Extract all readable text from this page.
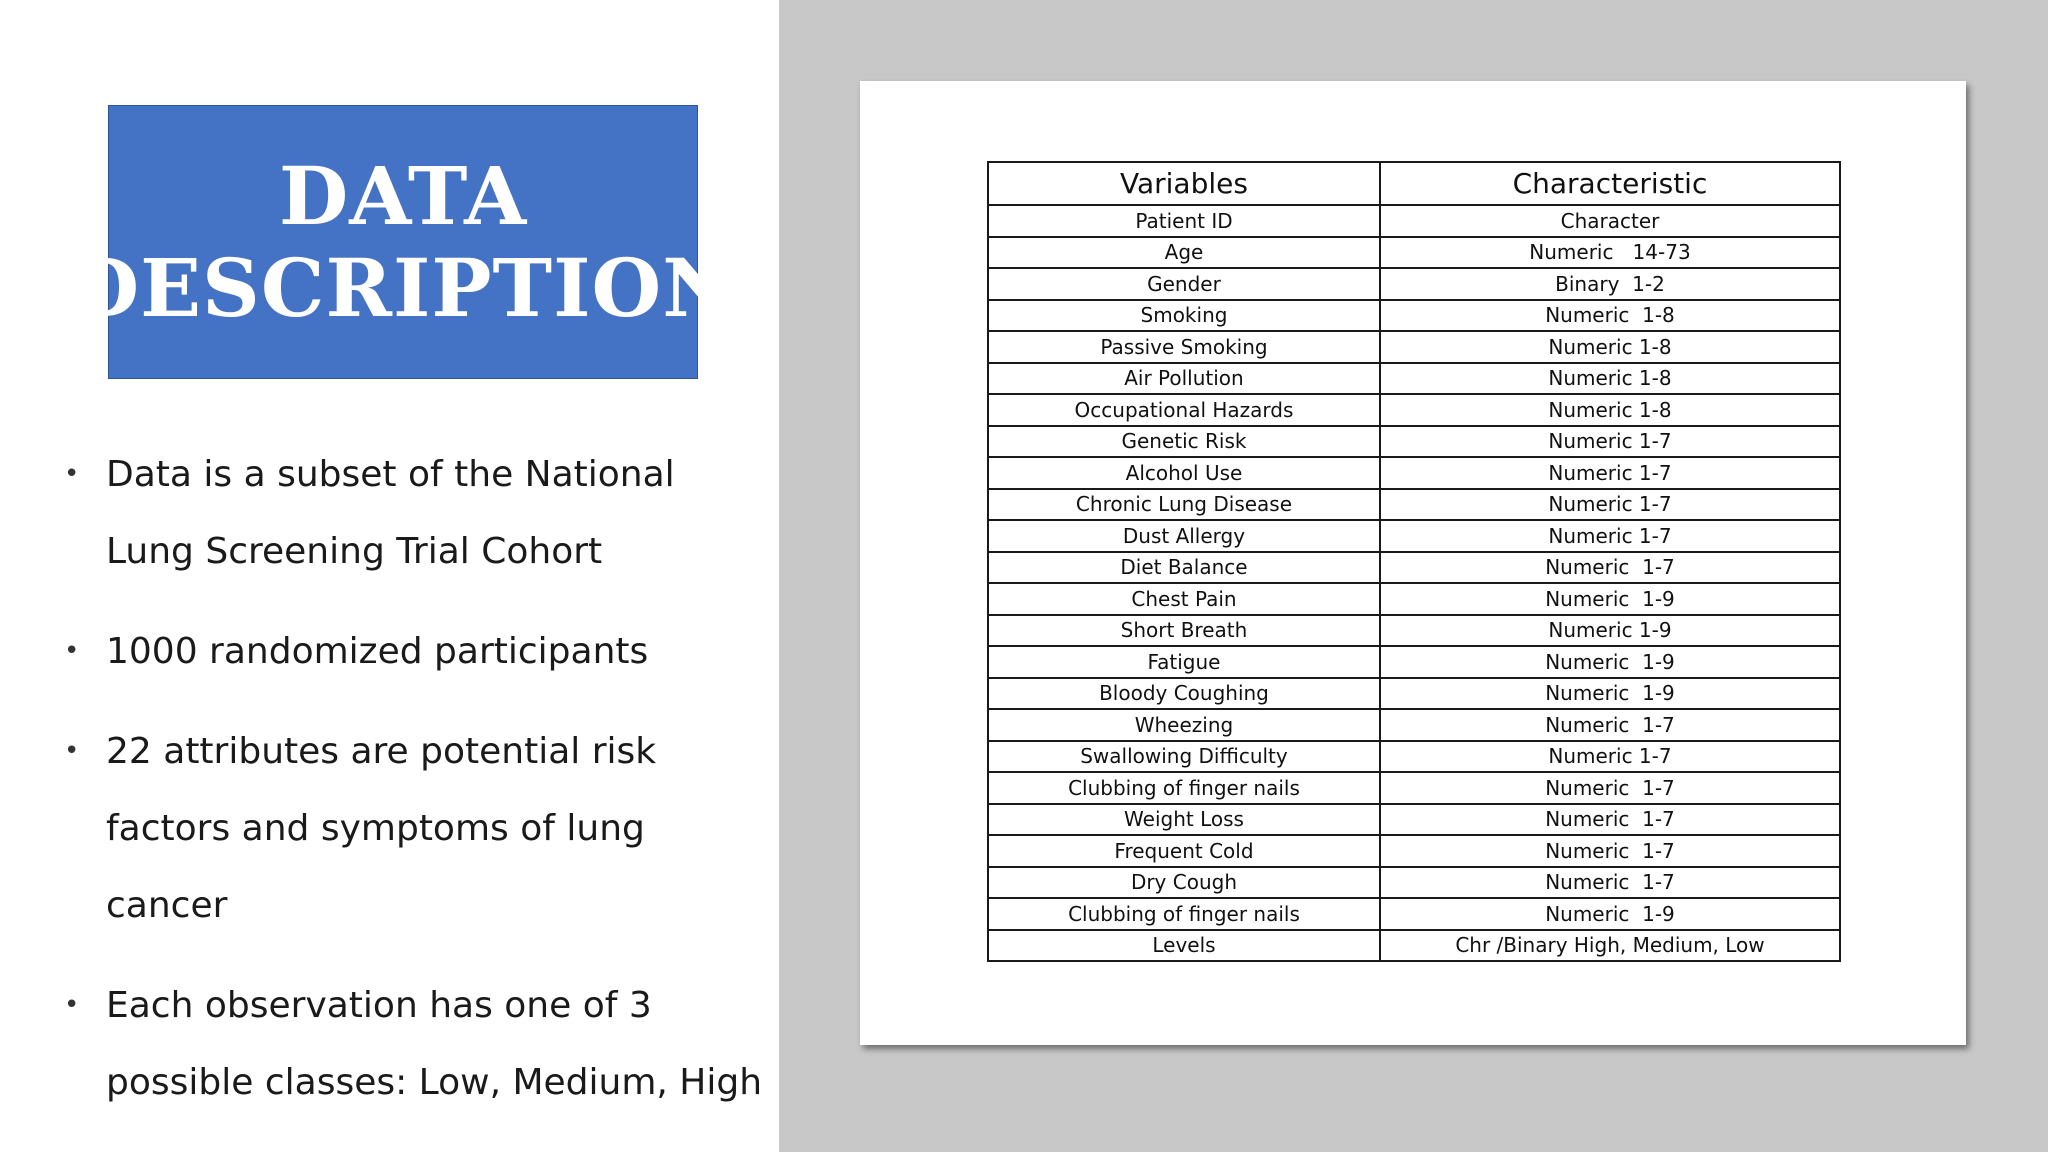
DATA
DESCRIPTION
• Data is a subset of the National Lung Screening Trial Cohort
• 1000 randomized participants
• 22 attributes are potential risk factors and symptoms of lung cancer
• Each observation has one of 3 possible classes: Low, Medium, High
Variables	Characteristic
Patient ID	Character
Age	Numeric   14-73
Gender	Binary  1-2
Smoking	Numeric  1-8
Passive Smoking	Numeric 1-8
Air Pollution	Numeric 1-8
Occupational Hazards	Numeric 1-8
Genetic Risk	Numeric 1-7
Alcohol Use	Numeric 1-7
Chronic Lung Disease	Numeric 1-7
Dust Allergy	Numeric 1-7
Diet Balance	Numeric  1-7
Chest Pain	Numeric  1-9
Short Breath	Numeric 1-9
Fatigue	Numeric  1-9
Bloody Coughing	Numeric  1-9
Wheezing	Numeric  1-7
Swallowing Difficulty	Numeric 1-7
Clubbing of finger nails	Numeric  1-7
Weight Loss	Numeric  1-7
Frequent Cold	Numeric  1-7
Dry Cough	Numeric  1-7
Clubbing of finger nails	Numeric  1-9
Levels	Chr /Binary High, Medium, Low
